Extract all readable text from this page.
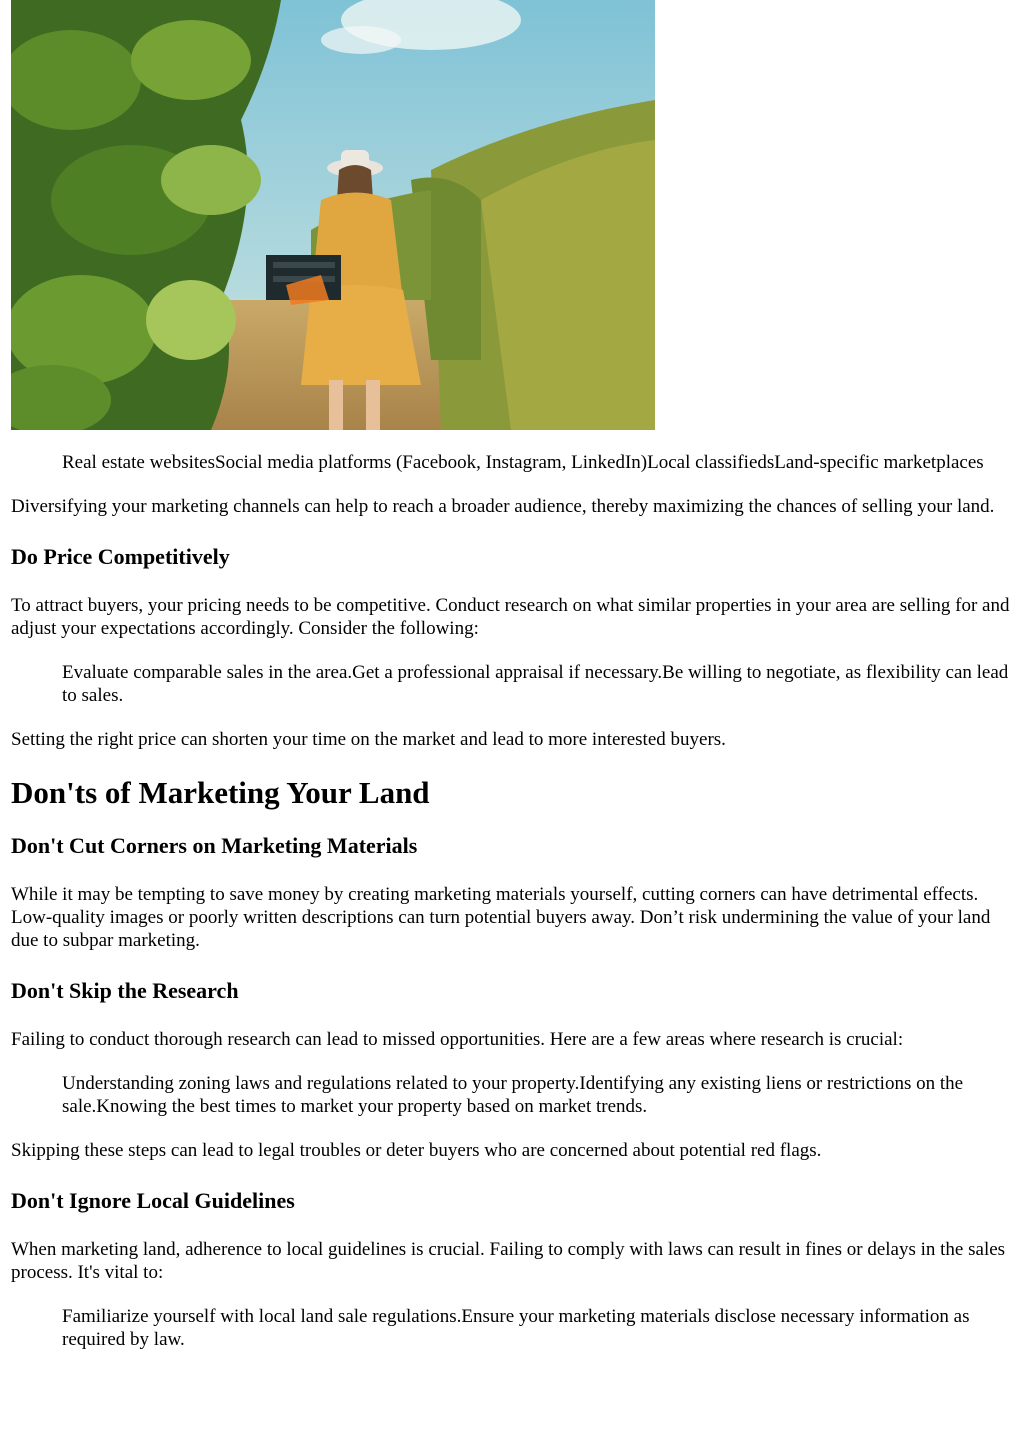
Real estate websitesSocial media platforms (Facebook, Instagram, LinkedIn)Local classifiedsLand-specific marketplaces

Diversifying your marketing channels can help to reach a broader audience, thereby maximizing the chances of selling your land.

Do Price Competitively

To attract buyers, your pricing needs to be competitive. Conduct research on what similar properties in your area are selling for and adjust your expectations accordingly. Consider the following:

Evaluate comparable sales in the area.Get a professional appraisal if necessary.Be willing to negotiate, as flexibility can lead to sales.

Setting the right price can shorten your time on the market and lead to more interested buyers.

Don'ts of Marketing Your Land
Don't Cut Corners on Marketing Materials

While it may be tempting to save money by creating marketing materials yourself, cutting corners can have detrimental effects. Low-quality images or poorly written descriptions can turn potential buyers away. Don’t risk undermining the value of your land due to subpar marketing.

Don't Skip the Research

Failing to conduct thorough research can lead to missed opportunities. Here are a few areas where research is crucial:

Understanding zoning laws and regulations related to your property.Identifying any existing liens or restrictions on the sale.Knowing the best times to market your property based on market trends.

Skipping these steps can lead to legal troubles or deter buyers who are concerned about potential red flags.

Don't Ignore Local Guidelines

When marketing land, adherence to local guidelines is crucial. Failing to comply with laws can result in fines or delays in the sales process. It's vital to:

Familiarize yourself with local land sale regulations.Ensure your marketing materials disclose necessary information as required by law.
